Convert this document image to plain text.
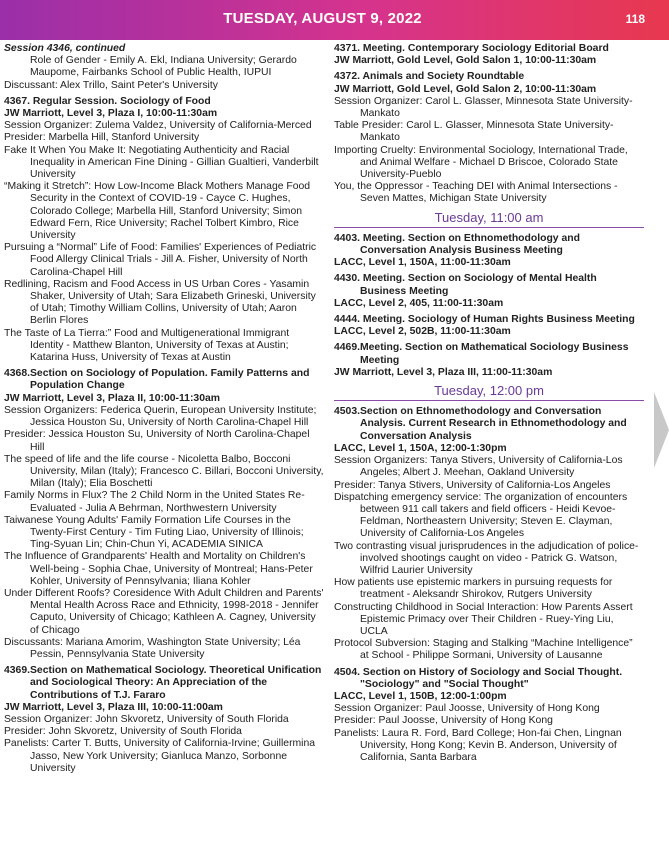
TUESDAY, AUGUST 9, 2022	118

Session 4346, continued

Role of Gender - Emily A. Ekl, Indiana University; Gerardo

Maupome, Fairbanks School of Public Health, IUPUI

Discussant: Alex Trillo, Saint Peter's University

4367. Regular Session. Sociology of Food

JW Marriott, Level 3, Plaza I, 10:00-11:30am

Session Organizer: Zulema Valdez, University of California-Merced

Presider: Marbella Hill, Stanford University

Fake It When You Make It: Negotiating Authenticity and Racial Inequality in American Fine Dining - Gillian Gualtieri, Vanderbilt University

“Making it Stretch”: How Low-Income Black Mothers Manage Food Security in the Context of COVID-19 - Cayce C. Hughes, Colorado College; Marbella Hill, Stanford University; Simon Edward Fern, Rice University; Rachel Tolbert Kimbro, Rice University

Pursuing a “Normal” Life of Food: Families' Experiences of Pediatric Food Allergy Clinical Trials - Jill A. Fisher, University of North Carolina-Chapel Hill

Redlining, Racism and Food Access in US Urban Cores - Yasamin Shaker, University of Utah; Sara Elizabeth Grineski, University of Utah; Timothy William Collins, University of Utah; Aaron Berlin Flores

The Taste of La Tierra:” Food and Multigenerational Immigrant Identity - Matthew Blanton, University of Texas at Austin; Katarina Huss, University of Texas at Austin

4368.Section on Sociology of Population. Family Patterns and Population Change

JW Marriott, Level 3, Plaza II, 10:00-11:30am

Session Organizers: Federica Querin, European University Institute; Jessica Houston Su, University of North Carolina-Chapel Hill

Presider: Jessica Houston Su, University of North Carolina-Chapel Hill

The speed of life and the life course - Nicoletta Balbo, Bocconi University, Milan (Italy); Francesco C. Billari, Bocconi University, Milan (Italy); Elia Boschetti

Family Norms in Flux? The 2 Child Norm in the United States Re-Evaluated - Julia A Behrman, Northwestern University

Taiwanese Young Adults' Family Formation Life Courses in the Twenty-First Century - Tim Futing Liao, University of Illinois; Ting-Syuan Lin; Chin-Chun Yi, ACADEMIA SINICA

The Influence of Grandparents' Health and Mortality on Children's Well-being - Sophia Chae, University of Montreal; Hans-Peter Kohler, University of Pennsylvania; Iliana Kohler

Under Different Roofs? Coresidence With Adult Children and Parents' Mental Health Across Race and Ethnicity, 1998-2018 - Jennifer Caputo, University of Chicago; Kathleen A. Cagney, University of Chicago

Discussants: Mariana Amorim, Washington State University; Léa Pessin, Pennsylvania State University

4369.Section on Mathematical Sociology. Theoretical Unification and Sociological Theory: An Appreciation of the Contributions of T.J. Fararo

JW Marriott, Level 3, Plaza III, 10:00-11:00am

Session Organizer: John Skvoretz, University of South Florida

Presider: John Skvoretz, University of South Florida

Panelists: Carter T. Butts, University of California-Irvine; Guillermina Jasso, New York University; Gianluca Manzo, Sorbonne University

4371. Meeting. Contemporary Sociology Editorial Board

JW Marriott, Gold Level, Gold Salon 1, 10:00-11:30am

4372. Animals and Society Roundtable

JW Marriott, Gold Level, Gold Salon 2, 10:00-11:30am

Session Organizer: Carol L. Glasser, Minnesota State University-Mankato

Table Presider: Carol L. Glasser, Minnesota State University-Mankato

Importing Cruelty: Environmental Sociology, International Trade, and Animal Welfare - Michael D Briscoe, Colorado State University-Pueblo

You, the Oppressor - Teaching DEI with Animal Intersections - Seven Mattes, Michigan State University

Tuesday, 11:00 am

4403. Meeting. Section on Ethnomethodology and Conversation Analysis Business Meeting

LACC, Level 1, 150A, 11:00-11:30am

4430. Meeting. Section on Sociology of Mental Health Business Meeting

LACC, Level 2, 405, 11:00-11:30am

4444. Meeting. Sociology of Human Rights Business Meeting

LACC, Level 2, 502B, 11:00-11:30am

4469.Meeting. Section on Mathematical Sociology Business Meeting

JW Marriott, Level 3, Plaza III, 11:00-11:30am

Tuesday, 12:00 pm

4503.Section on Ethnomethodology and Conversation Analysis. Current Research in Ethnomethodology and Conversation Analysis

LACC, Level 1, 150A, 12:00-1:30pm

Session Organizers: Tanya Stivers, University of California-Los Angeles; Albert J. Meehan, Oakland University

Presider: Tanya Stivers, University of California-Los Angeles

Dispatching emergency service: The organization of encounters between 911 call takers and field officers - Heidi Kevoe-Feldman, Northeastern University; Steven E. Clayman, University of California-Los Angeles

Two contrasting visual jurisprudences in the adjudication of police-involved shootings caught on video - Patrick G. Watson, Wilfrid Laurier University

How patients use epistemic markers in pursuing requests for treatment - Aleksandr Shirokov, Rutgers University

Constructing Childhood in Social Interaction: How Parents Assert Epistemic Primacy over Their Children - Ruey-Ying Liu, UCLA

Protocol Subversion: Staging and Stalking “Machine Intelligence” at School - Philippe Sormani, University of Lausanne

4504. Section on History of Sociology and Social Thought. "Sociology" and "Social Thought"

LACC, Level 1, 150B, 12:00-1:00pm

Session Organizer: Paul Joosse, University of Hong Kong

Presider: Paul Joosse, University of Hong Kong

Panelists: Laura R. Ford, Bard College; Hon-fai Chen, Lingnan University, Hong Kong; Kevin B. Anderson, University of California, Santa Barbara
